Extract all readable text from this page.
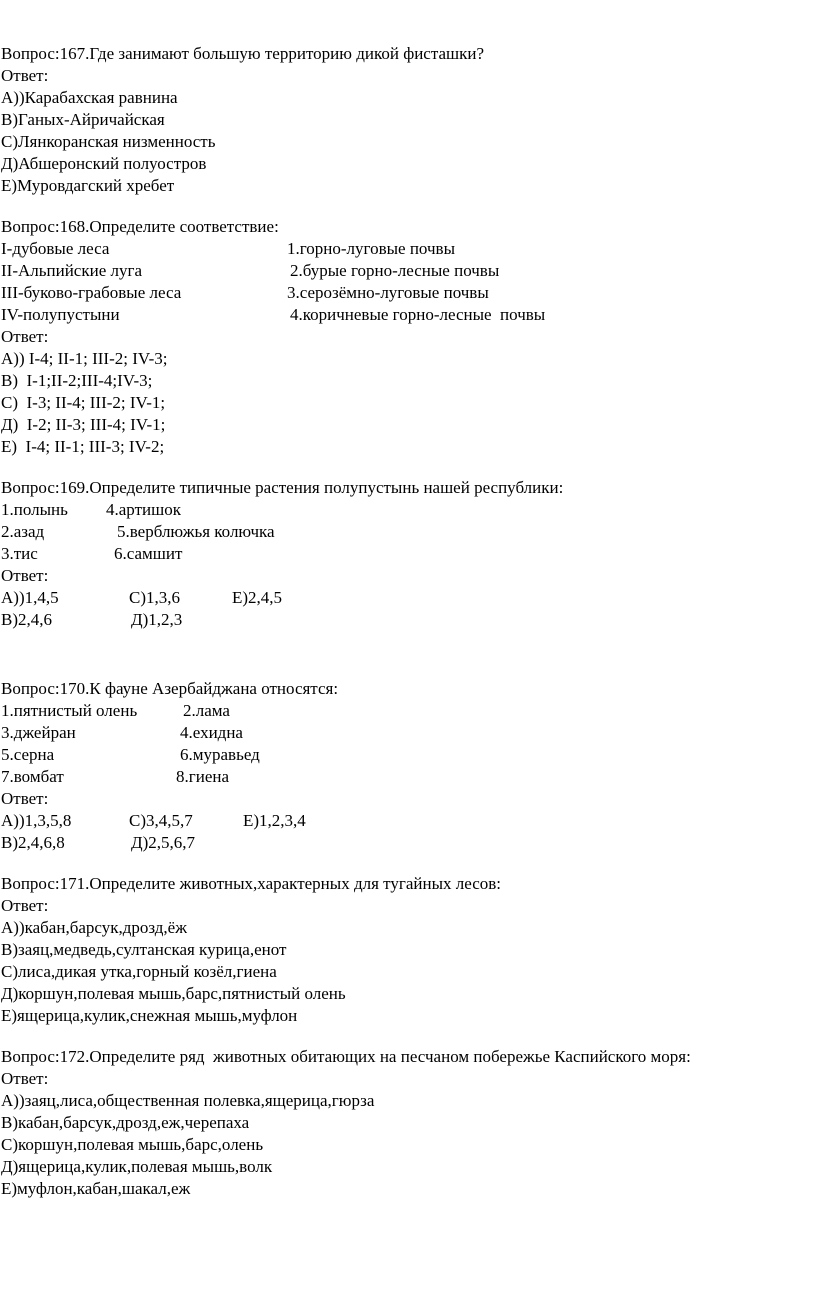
Вопрос:167.Где занимают большую территорию дикой фисташки?
Ответ:
А))Карабахская равнина
В)Ганых-Айричайская
С)Лянкоранская низменность
Д)Абшеронский полуостров
Е)Муровдагский хребет
Вопрос:168.Определите соответствие:
I-дубовые леса	1.горно-луговые почвы
II-Альпийские луга	2.бурые горно-лесные почвы
III-буково-грабовые леса	3.серозёмно-луговые почвы
IV-полупустыни	4.коричневые горно-лесные  почвы
Ответ:
А)) I-4; II-1; III-2; IV-3;
В)  I-1;II-2;III-4;IV-3;
С)  I-3; II-4; III-2; IV-1;
Д)  I-2; II-3; III-4; IV-1;
Е)  I-4; II-1; III-3; IV-2;
Вопрос:169.Определите типичные растения полупустынь нашей республики:
1.полынь 4.артишок
2.азад	5.верблюжья колючка
3.тис	6.самшит
Ответ:
А))1,4,5	С)1,3,6	Е)2,4,5
В)2,4,6	Д)1,2,3
Вопрос:170.К фауне Азербайджана относятся:
1.пятнистый олень	2.лама
3.джейран	4.ехидна
5.серна	6.муравьед
7.вомбат	8.гиена
Ответ:
А))1,3,5,8	С)3,4,5,7	Е)1,2,3,4
В)2,4,6,8	Д)2,5,6,7
Вопрос:171.Определите животных,характерных для тугайных лесов:
Ответ:
А))кабан,барсук,дрозд,ёж
В)заяц,медведь,султанская курица,енот
С)лиса,дикая утка,горный козёл,гиена
Д)коршун,полевая мышь,барс,пятнистый олень
Е)ящерица,кулик,снежная мышь,муфлон
Вопрос:172.Определите ряд  животных обитающих на песчаном побережье Каспийского моря:
Ответ:
А))заяц,лиса,общественная полевка,ящерица,гюрза
В)кабан,барсук,дрозд,еж,черепаха
С)коршун,полевая мышь,барс,олень
Д)ящерица,кулик,полевая мышь,волк
Е)муфлон,кабан,шакал,еж
